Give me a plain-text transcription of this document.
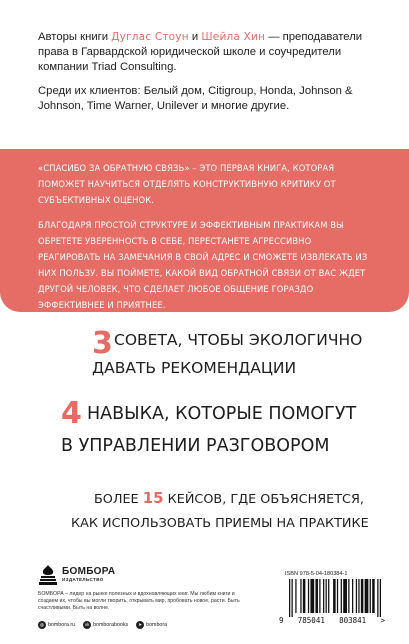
Авторы книги Дуглас Стоун и Шейла Хин — преподаватели права в Гарвардской юридической школе и соучредители компании Triad Consulting.

Среди их клиентов: Белый дом, Citigroup, Honda, Johnson & Johnson, Time Warner, Unilever и многие другие.

«СПАСИБО ЗА ОБРАТНУЮ СВЯЗЬ» – ЭТО ПЕРВАЯ КНИГА, КОТОРАЯ ПОМОЖЕТ НАУЧИТЬСЯ ОТДЕЛЯТЬ КОНСТРУКТИВНУЮ КРИТИКУ ОТ СУБЪЕКТИВНЫХ ОЦЕНОК.

БЛАГОДАРЯ ПРОСТОЙ СТРУКТУРЕ И ЭФФЕКТИВНЫМ ПРАКТИКАМ ВЫ ОБРЕТЕТЕ УВЕРЕННОСТЬ В СЕБЕ, ПЕРЕСТАНЕТЕ АГРЕССИВНО РЕАГИРОВАТЬ НА ЗАМЕЧАНИЯ В СВОЙ АДРЕС И СМОЖЕТЕ ИЗВЛЕКАТЬ ИЗ НИХ ПОЛЬЗУ. ВЫ ПОЙМЕТЕ, КАКОЙ ВИД ОБРАТНОЙ СВЯЗИ ОТ ВАС ЖДЕТ ДРУГОЙ ЧЕЛОВЕК, ЧТО СДЕЛАЕТ ЛЮБОЕ ОБЩЕНИЕ ГОРАЗДО ЭФФЕКТИВНЕЕ И ПРИЯТНЕЕ.

3 СОВЕТА, ЧТОБЫ ЭКОЛОГИЧНО
ДАВАТЬ РЕКОМЕНДАЦИИ
4 НАВЫКА, КОТОРЫЕ ПОМОГУТ
В УПРАВЛЕНИИ РАЗГОВОРОМ
БОЛЕЕ 15 КЕЙСОВ, ГДЕ ОБЪЯСНЯЕТСЯ,
КАК ИСПОЛЬЗОВАТЬ ПРИЕМЫ НА ПРАКТИКЕ
БОМБОРА
ИЗДАТЕЛЬСТВО
БОМБОРА – лидер на рынке полезных и вдохновляющих книг. Мы любим книги и создаем их, чтобы вы могли творить, открывать мир, пробовать новое, расти. Быть счастливыми. Быть на волне.
◍ bombora.ru	vk bomborabooks	➤ bombora
ISBN 978-5-04-180384-1
9 785041 803841 >
